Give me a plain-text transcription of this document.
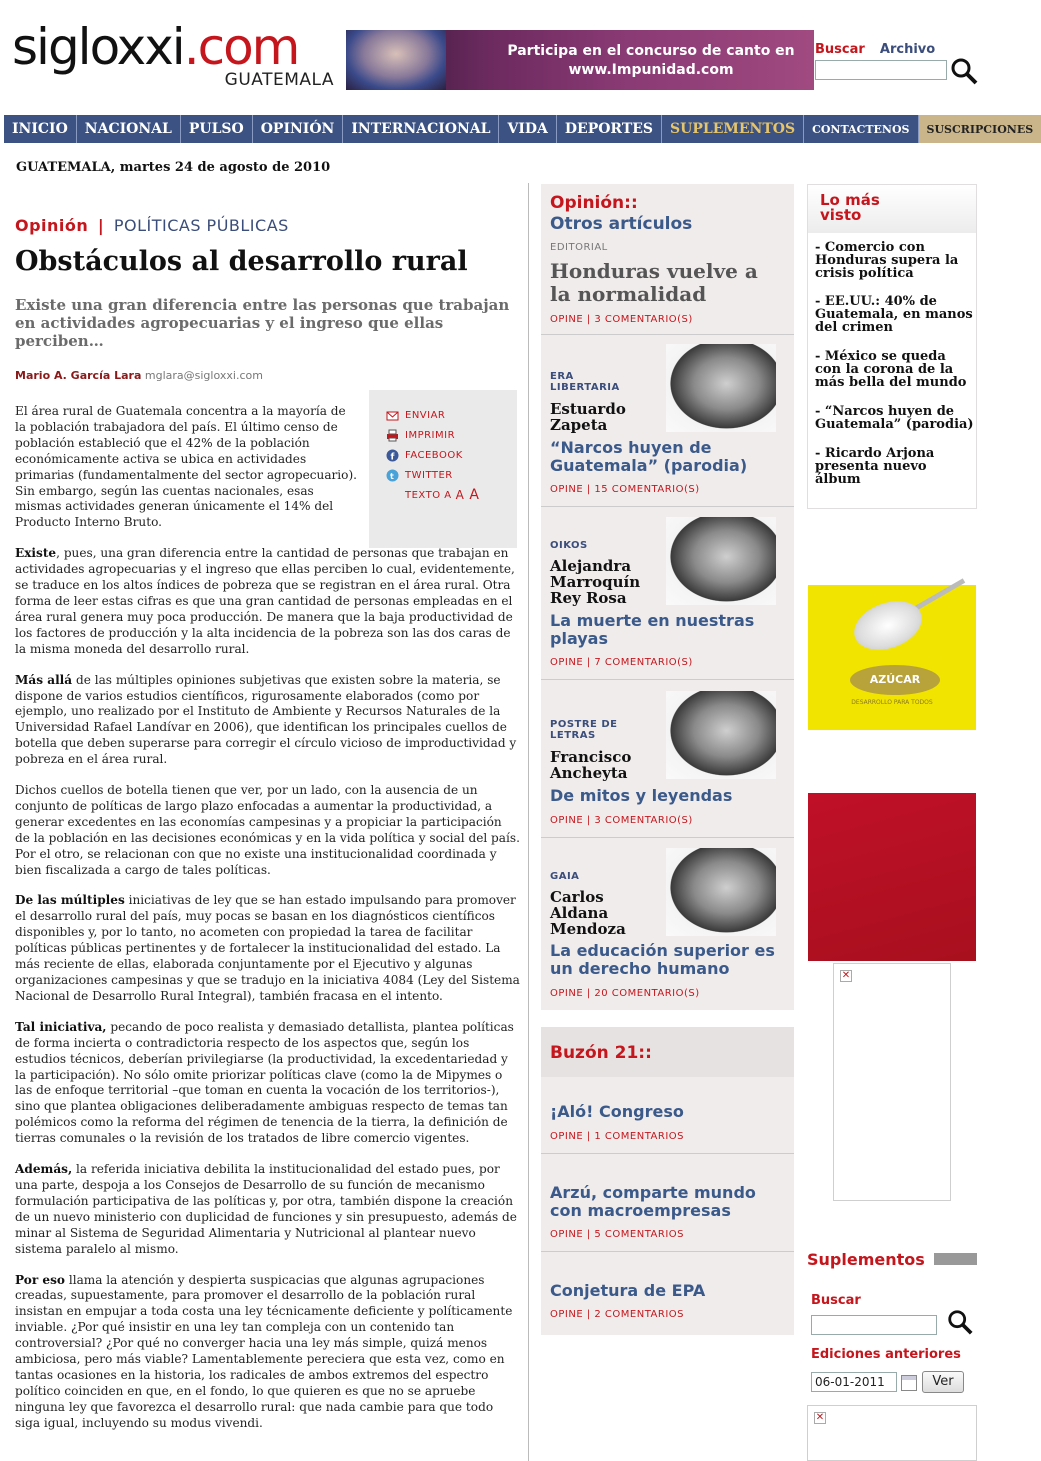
sigloxxi.com
GUATEMALA
Participa en el concurso de canto en
www.Impunidad.com
Buscar Archivo
INICIO	NACIONAL	PULSO	OPINIÓN	INTERNACIONAL	VIDA	DEPORTES	SUPLEMENTOS	CONTACTENOS	SUSCRIPCIONES
GUATEMALA, martes 24 de agosto de 2010
Opinión | POLÍTICAS PÚBLICAS
Obstáculos al desarrollo rural
Existe una gran diferencia entre las personas que trabajan en actividades agropecuarias y el ingreso que ellas perciben…
Mario A. García Lara mglara@sigloxxi.com
ENVIAR
IMPRIMIR
f FACEBOOK
t TWITTER
TEXTO A A A

El área rural de Guatemala concentra a la mayoría de la población trabajadora del país. El último censo de población estableció que el 42% de la población económicamente activa se ubica en actividades primarias (fundamentalmente del sector agropecuario). Sin embargo, según las cuentas nacionales, esas mismas actividades generan únicamente el 14% del Producto Interno Bruto.

Existe, pues, una gran diferencia entre la cantidad de personas que trabajan en actividades agropecuarias y el ingreso que ellas perciben lo cual, evidentemente, se traduce en los altos índices de pobreza que se registran en el área rural. Otra forma de leer estas cifras es que una gran cantidad de personas empleadas en el área rural genera muy poca producción. De manera que la baja productividad de los factores de producción y la alta incidencia de la pobreza son las dos caras de la misma moneda del desarrollo rural.

Más allá de las múltiples opiniones subjetivas que existen sobre la materia, se dispone de varios estudios científicos, rigurosamente elaborados (como por ejemplo, uno realizado por el Instituto de Ambiente y Recursos Naturales de la Universidad Rafael Landívar en 2006), que identifican los principales cuellos de botella que deben superarse para corregir el círculo vicioso de improductividad y pobreza en el área rural.

Dichos cuellos de botella tienen que ver, por un lado, con la ausencia de un conjunto de políticas de largo plazo enfocadas a aumentar la productividad, a generar excedentes en las economías campesinas y a propiciar la participación de la población en las decisiones económicas y en la vida política y social del país. Por el otro, se relacionan con que no existe una institucionalidad coordinada y bien fiscalizada a cargo de tales políticas.

De las múltiples iniciativas de ley que se han estado impulsando para promover el desarrollo rural del país, muy pocas se basan en los diagnósticos científicos disponibles y, por lo tanto, no acometen con propiedad la tarea de facilitar políticas públicas pertinentes y de fortalecer la institucionalidad del estado. La más reciente de ellas, elaborada conjuntamente por el Ejecutivo y algunas organizaciones campesinas y que se tradujo en la iniciativa 4084 (Ley del Sistema Nacional de Desarrollo Rural Integral), también fracasa en el intento.

Tal iniciativa, pecando de poco realista y demasiado detallista, plantea políticas de forma incierta o contradictoria respecto de los aspectos que, según los estudios técnicos, deberían privilegiarse (la productividad, la excedentariedad y la participación). No sólo omite priorizar políticas clave (como la de Mipymes o las de enfoque territorial –que toman en cuenta la vocación de los territorios-), sino que plantea obligaciones deliberadamente ambiguas respecto de temas tan polémicos como la reforma del régimen de tenencia de la tierra, la definición de tierras comunales o la revisión de los tratados de libre comercio vigentes.

Además, la referida iniciativa debilita la institucionalidad del estado pues, por una parte, despoja a los Consejos de Desarrollo de su función de mecanismo formulación participativa de las políticas y, por otra, también dispone la creación de un nuevo ministerio con duplicidad de funciones y sin presupuesto, además de minar al Sistema de Seguridad Alimentaria y Nutricional al plantear nuevo sistema paralelo al mismo.

Por eso llama la atención y despierta suspicacias que algunas agrupaciones creadas, supuestamente, para promover el desarrollo de la población rural insistan en empujar a toda costa una ley técnicamente deficiente y políticamente inviable. ¿Por qué insistir en una ley tan compleja con un contenido tan controversial? ¿Por qué no converger hacia una ley más simple, quizá menos ambiciosa, pero más viable? Lamentablemente pereciera que esta vez, como en tantas ocasiones en la historia, los radicales de ambos extremos del espectro político coinciden en que, en el fondo, lo que quieren es que no se apruebe ninguna ley que favorezca el desarrollo rural: que nada cambie para que todo siga igual, incluyendo su modus vivendi.

Opinión::
Otros artículos
EDITORIAL
Honduras vuelve a la normalidad
OPINE | 3 COMENTARIO(S)
ERA LIBERTARIA
Estuardo Zapeta
“Narcos huyen de Guatemala” (parodia)
OPINE | 15 COMENTARIO(S)
OIKOS
Alejandra Marroquín Rey Rosa
La muerte en nuestras playas
OPINE | 7 COMENTARIO(S)
POSTRE DE LETRAS
Francisco Ancheyta
De mitos y leyendas
OPINE | 3 COMENTARIO(S)
GAIA
Carlos Aldana Mendoza
La educación superior es un derecho humano
OPINE | 20 COMENTARIO(S)
Buzón 21::
¡Aló! Congreso
OPINE | 1 COMENTARIOS
Arzú, comparte mundo con macroempresas
OPINE | 5 COMENTARIOS
Conjetura de EPA
OPINE | 2 COMENTARIOS
Lo más visto
- Comercio con Honduras supera la crisis política
- EE.UU.: 40% de Guatemala, en manos del crimen
- México se queda con la corona de la más bella del mundo
- “Narcos huyen de Guatemala” (parodia)
- Ricardo Arjona presenta nuevo álbum
AZÚCAR
DESARROLLO PARA TODOS
✕
Suplementos
Buscar
Ediciones anteriores
06-01-2011	Ver
✕
